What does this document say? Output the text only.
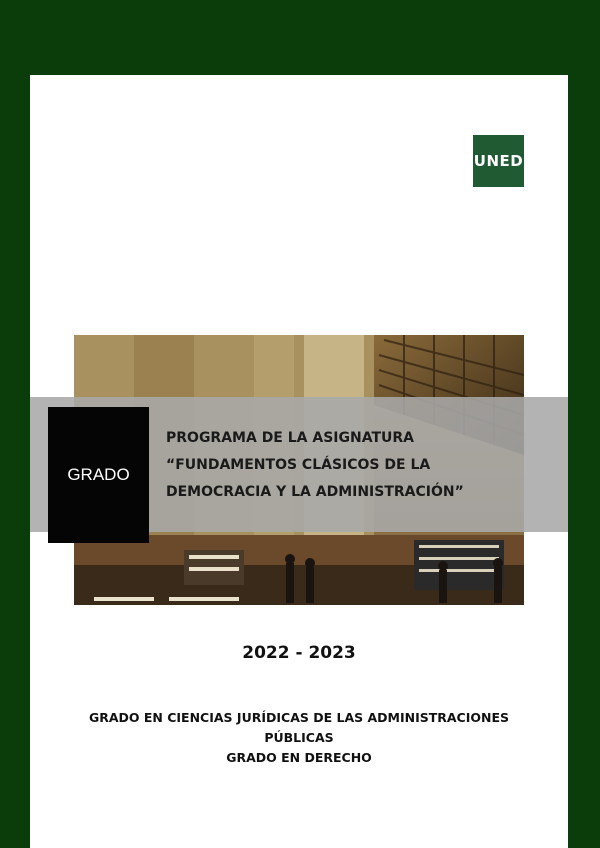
UNED
GRADO
PROGRAMA DE LA ASIGNATURA
“FUNDAMENTOS CLÁSICOS DE LA
DEMOCRACIA Y LA ADMINISTRACIÓN”
2022 - 2023
GRADO EN CIENCIAS JURÍDICAS DE LAS ADMINISTRACIONES
PÚBLICAS
GRADO EN DERECHO
